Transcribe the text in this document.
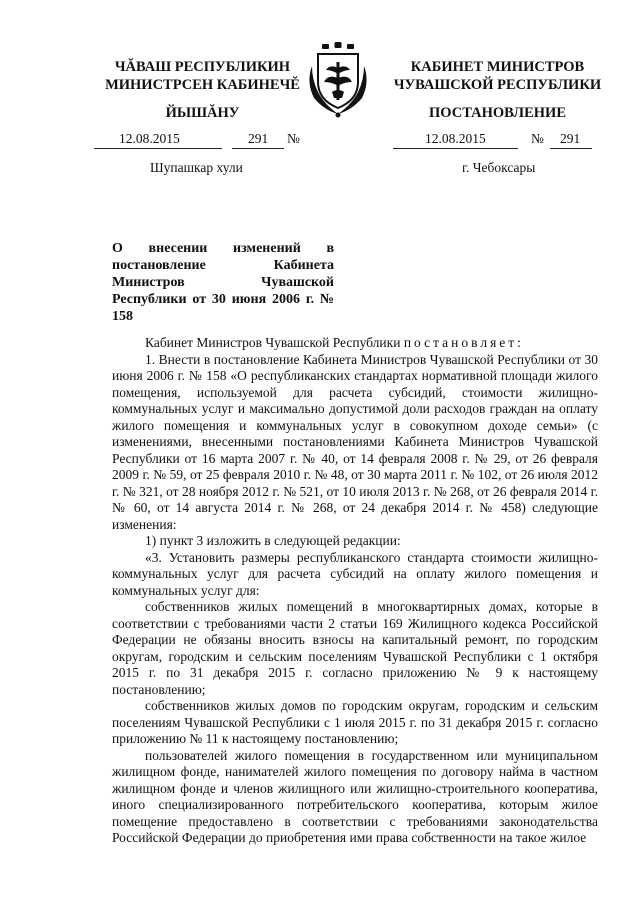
ЧĂВАШ РЕСПУБЛИКИН
МИНИСТРСЕН КАБИНЕЧĔ
ЙЫШĂНУ
КАБИНЕТ МИНИСТРОВ
ЧУВАШСКОЙ РЕСПУБЛИКИ
ПОСТАНОВЛЕНИЕ
12.08.2015	291 №	12.08.2015	№ 291
Шупашкар хули	г. Чебоксары
О внесении изменений в постановление Кабинета Министров Чувашской Республики от 30 июня 2006 г. № 158

Кабинет Министров Чувашской Республики постановляет:

1. Внести в постановление Кабинета Министров Чувашской Республики от 30 июня 2006 г. № 158 «О республиканских стандартах нормативной площади жилого помещения, используемой для расчета субсидий, стоимости жилищно-коммунальных услуг и максимально допустимой доли расходов граждан на оплату жилого помещения и коммунальных услуг в совокупном доходе семьи» (с изменениями, внесенными постановлениями Кабинета Министров Чувашской Республики от 16 марта 2007 г. № 40, от 14 февраля 2008 г. № 29, от 26 февраля 2009 г. № 59, от 25 февраля 2010 г. № 48, от 30 марта 2011 г. № 102, от 26 июля 2012 г. № 321, от 28 ноября 2012 г. № 521, от 10 июля 2013 г. № 268, от 26 февраля 2014 г. № 60, от 14 августа 2014 г. № 268, от 24 декабря 2014 г. № 458) следующие изменения:

1) пункт 3 изложить в следующей редакции:

«3. Установить размеры республиканского стандарта стоимости жилищно-коммунальных услуг для расчета субсидий на оплату жилого помещения и коммунальных услуг для:

собственников жилых помещений в многоквартирных домах, которые в соответствии с требованиями части 2 статьи 169 Жилищного кодекса Российской Федерации не обязаны вносить взносы на капитальный ремонт, по городским округам, городским и сельским поселениям Чувашской Республики с 1 октября 2015 г. по 31 декабря 2015 г. согласно приложению № 9 к настоящему постановлению;

собственников жилых домов по городским округам, городским и сельским поселениям Чувашской Республики с 1 июля 2015 г. по 31 декабря 2015 г. согласно приложению № 11 к настоящему постановлению;

пользователей жилого помещения в государственном или муниципальном жилищном фонде, нанимателей жилого помещения по договору найма в частном жилищном фонде и членов жилищного или жилищно-строительного кооператива, иного специализированного потребительского кооператива, которым жилое помещение предоставлено в соответствии с требованиями законодательства Российской Федерации до приобретения ими права собственности на такое жилое
